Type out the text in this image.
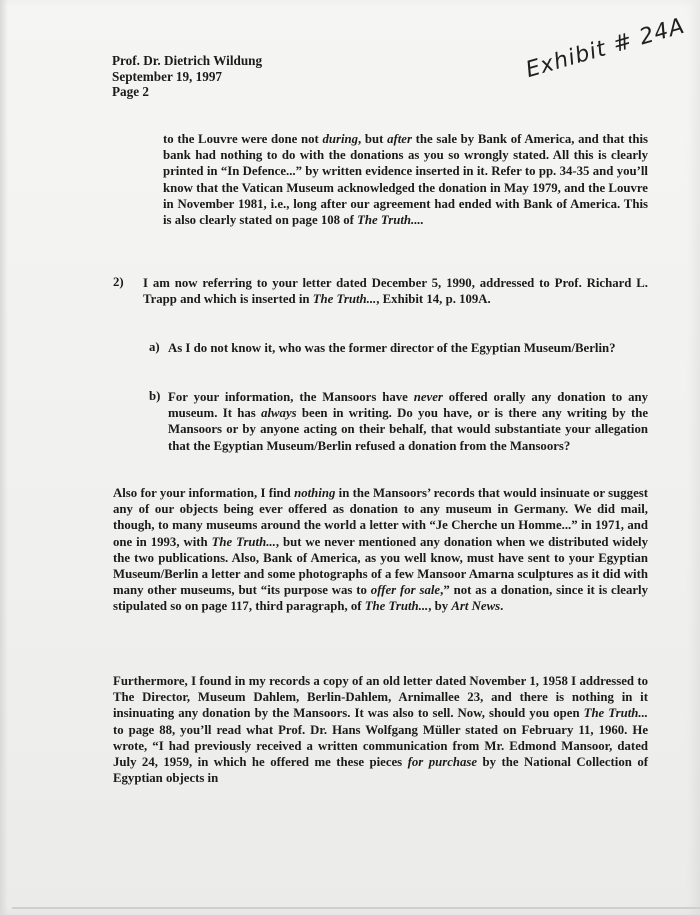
Prof. Dr. Dietrich Wildung
September 19, 1997
Page 2
Exhibit # 24A

to the Louvre were done not during, but after the sale by Bank of America, and that this bank had nothing to do with the donations as you so wrongly stated. All this is clearly printed in “In Defence...” by written evidence inserted in it. Refer to pp. 34-35 and you’ll know that the Vatican Museum acknowledged the donation in May 1979, and the Louvre in November 1981, i.e., long after our agreement had ended with Bank of America. This is also clearly stated on page 108 of The Truth....

2) I am now referring to your letter dated December 5, 1990, addressed to Prof. Richard L. Trapp and which is inserted in The Truth..., Exhibit 14, p. 109A.

a) As I do not know it, who was the former director of the Egyptian Museum/Berlin?

b) For your information, the Mansoors have never offered orally any donation to any museum. It has always been in writing. Do you have, or is there any writing by the Mansoors or by anyone acting on their behalf, that would substantiate your allegation that the Egyptian Museum/Berlin refused a donation from the Mansoors?

Also for your information, I find nothing in the Mansoors’ records that would insinuate or suggest any of our objects being ever offered as donation to any museum in Germany. We did mail, though, to many museums around the world a letter with “Je Cherche un Homme...” in 1971, and one in 1993, with The Truth..., but we never mentioned any donation when we distributed widely the two publications. Also, Bank of America, as you well know, must have sent to your Egyptian Museum/Berlin a letter and some photographs of a few Mansoor Amarna sculptures as it did with many other museums, but “its purpose was to offer for sale,” not as a donation, since it is clearly stipulated so on page 117, third paragraph, of The Truth..., by Art News.

Furthermore, I found in my records a copy of an old letter dated November 1, 1958 I addressed to The Director, Museum Dahlem, Berlin-Dahlem, Arnimallee 23, and there is nothing in it insinuating any donation by the Mansoors. It was also to sell. Now, should you open The Truth... to page 88, you’ll read what Prof. Dr. Hans Wolfgang Müller stated on February 11, 1960. He wrote, “I had previously received a written communication from Mr. Edmond Mansoor, dated July 24, 1959, in which he offered me these pieces for purchase by the National Collection of Egyptian objects in
